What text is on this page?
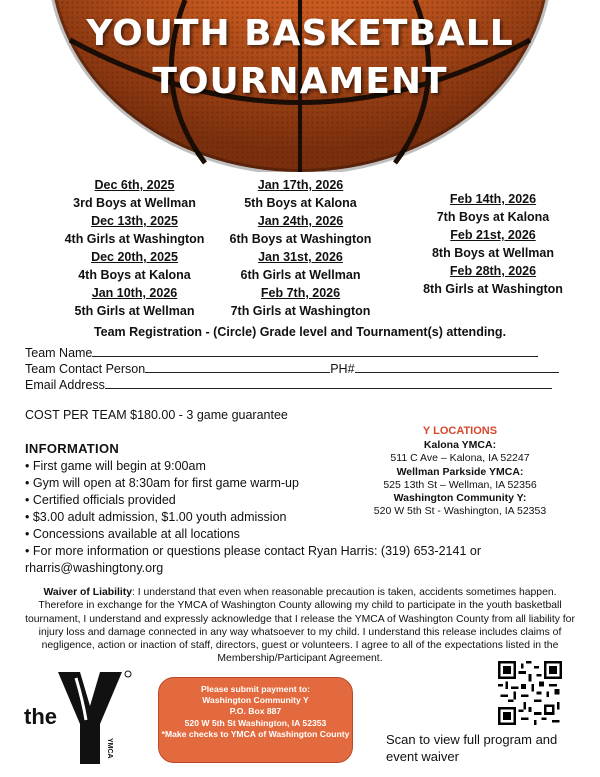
YOUTH BASKETBALL
TOURNAMENT
Dec 6th, 2025
3rd Boys at Wellman
Dec 13th, 2025
4th Girls at Washington
Dec 20th, 2025
4th Boys at Kalona
Jan 10th, 2026
5th Girls at Wellman
Jan 17th, 2026
5th Boys at Kalona
Jan 24th, 2026
6th Boys at Washington
Jan 31st, 2026
6th Girls at Wellman
Feb 7th, 2026
7th Girls at Washington
Feb 14th, 2026
7th Boys at Kalona
Feb 21st, 2026
8th Boys at Wellman
Feb 28th, 2026
8th Girls at Washington
Team Registration - (Circle) Grade level and Tournament(s) attending.
Team Name
Team Contact Person	PH#
Email Address
COST PER TEAM $180.00 - 3 game guarantee
INFORMATION
• First game will begin at 9:00am
• Gym will open at 8:30am for first game warm-up
• Certified officials provided
• $3.00 adult admission, $1.00 youth admission
• Concessions available at all locations
• For more information or questions please contact Ryan Harris: (319) 653-2141 or rharris@washingtony.org
Y LOCATIONS
Kalona YMCA:
511 C Ave – Kalona, IA 52247
Wellman Parkside YMCA:
525 13th St – Wellman, IA 52356
Washington Community Y:
520 W 5th St - Washington, IA 52353
Waiver of Liability: I understand that even when reasonable precaution is taken, accidents sometimes happen. Therefore in exchange for the YMCA of Washington County allowing my child to participate in the youth basketball tournament, I understand and expressly acknowledge that I release the YMCA of Washington County from all liability for injury loss and damage connected in any way whatsoever to my child. I understand this release includes claims of negligence, action or inaction of staff, directors, guest or volunteers. I agree to all of the expectations listed in the Membership/Participant Agreement.
the
YMCA
Please submit payment to:
Washington Community Y
P.O. Box 887
520 W 5th St Washington, IA 52353
*Make checks to YMCA of Washington County	Scan to view full program and event waiver
